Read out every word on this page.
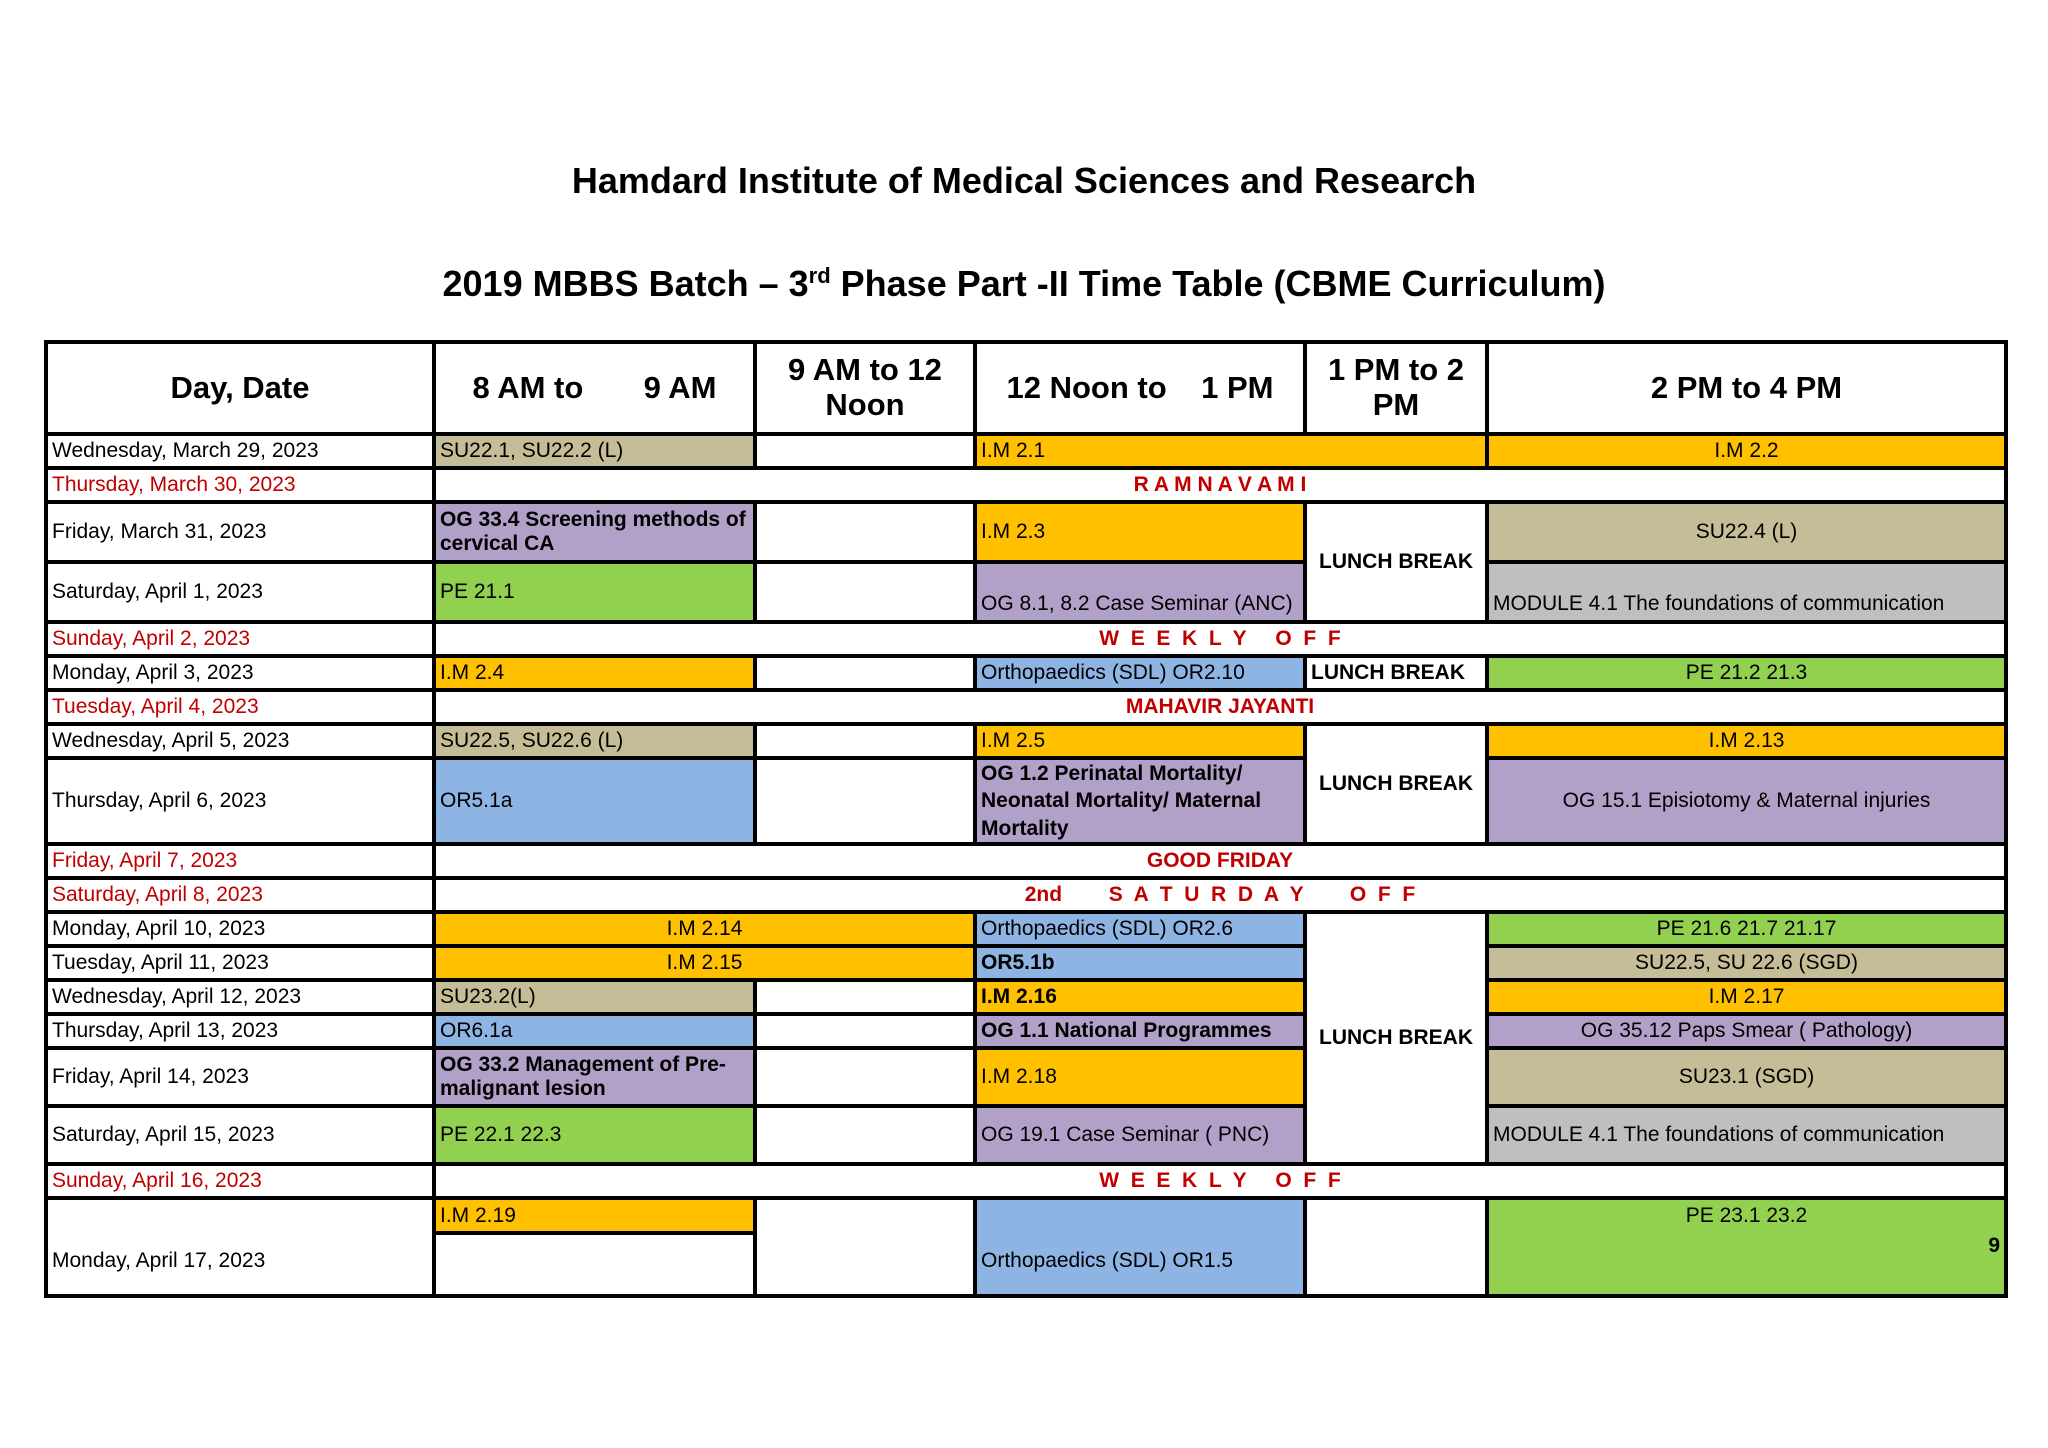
Hamdard Institute of Medical Sciences and Research
2019 MBBS Batch – 3rd Phase Part -II Time Table (CBME Curriculum)
Day, Date	8 AM to 9 AM	9 AM to 12 Noon	12 Noon to 1 PM	1 PM to 2 PM	2 PM to 4 PM
Wednesday, March 29, 2023	SU22.1, SU22.2 (L)		I.M 2.1		I.M 2.2
Thursday, March 30, 2023	R A M N A V A M I				
Friday, March 31, 2023	OG 33.4 Screening methods of cervical CA		I.M 2.3	LUNCH BREAK	SU22.4 (L)
Saturday, April 1, 2023	PE 21.1		OG 8.1, 8.2 Case Seminar (ANC)		MODULE 4.1 The foundations of communication
Sunday, April 2, 2023	W  E  E  K  L  Y     O  F  F				
Monday, April 3, 2023	I.M 2.4		Orthopaedics (SDL) OR2.10	LUNCH BREAK	PE 21.2 21.3
Tuesday, April 4, 2023	MAHAVIR JAYANTI				
Wednesday, April 5, 2023	SU22.5, SU22.6 (L)		I.M 2.5	LUNCH BREAK	I.M 2.13
Thursday, April 6, 2023	OR5.1a		OG 1.2 Perinatal Mortality/ Neonatal Mortality/ Maternal Mortality		OG 15.1 Episiotomy & Maternal injuries
Friday, April 7, 2023	GOOD FRIDAY				
Saturday, April 8, 2023	2nd        S  A  T  U  R  D  A  Y        O  F  F				
Monday, April 10, 2023	I.M 2.14		Orthopaedics (SDL) OR2.6	LUNCH BREAK	PE 21.6 21.7 21.17
Tuesday, April 11, 2023	I.M 2.15		OR5.1b		SU22.5, SU 22.6 (SGD)
Wednesday, April 12, 2023	SU23.2(L)		I.M 2.16		I.M 2.17
Thursday, April 13, 2023	OR6.1a		OG 1.1 National Programmes		OG 35.12 Paps Smear ( Pathology)
Friday, April 14, 2023	OG 33.2 Management of Pre-malignant lesion		I.M 2.18		SU23.1 (SGD)
Saturday, April 15, 2023	PE 22.1 22.3		OG 19.1 Case Seminar ( PNC)		MODULE 4.1 The foundations of communication
Sunday, April 16, 2023	W  E  E  K  L  Y     O  F  F				
Monday, April 17, 2023	I.M 2.19		Orthopaedics (SDL) OR1.5		PE 23.1 23.2
9
